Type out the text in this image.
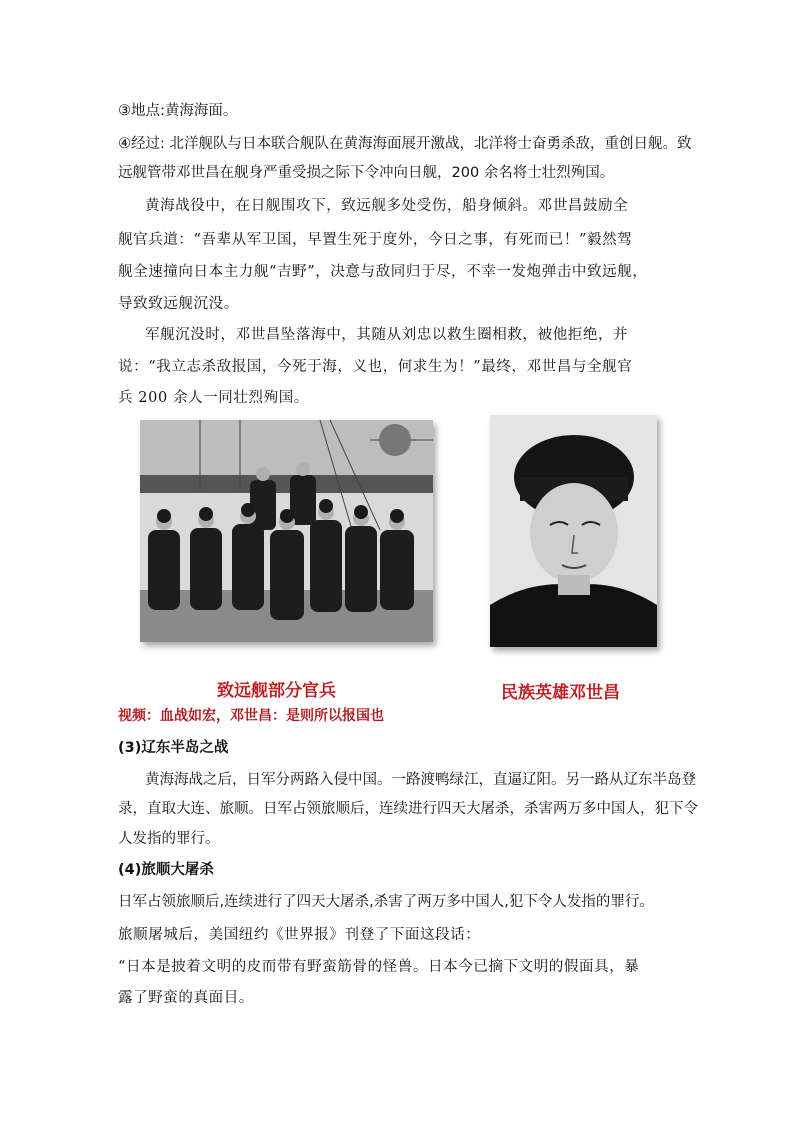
③地点:黄海海面。
④经过: 北洋舰队与日本联合舰队在黄海海面展开激战，北洋将士奋勇杀敌，重创日舰。致
远舰管带邓世昌在舰身严重受损之际下令冲向日舰，200 余名将士壮烈殉国。
黄海战役中，在日舰围攻下，致远舰多处受伤，船身倾斜。邓世昌鼓励全
舰官兵道：“吾辈从军卫国，早置生死于度外，今日之事，有死而已！”毅然驾
舰全速撞向日本主力舰“吉野”，决意与敌同归于尽，不幸一发炮弹击中致远舰，
导致致远舰沉没。
军舰沉没时，邓世昌坠落海中，其随从刘忠以救生圈相救，被他拒绝，并
说：“我立志杀敌报国，今死于海，义也，何求生为！”最终，邓世昌与全舰官
兵 200 余人一同壮烈殉国。
致远舰部分官兵	民族英雄邓世昌
视频：血战如宏，邓世昌：是则所以报国也
(3)辽东半岛之战
黄海海战之后，日军分两路入侵中国。一路渡鸭绿江，直逼辽阳。另一路从辽东半岛登
录，直取大连、旅顺。日军占领旅顺后，连续进行四天大屠杀，杀害两万多中国人，犯下令
人发指的罪行。
(4)旅顺大屠杀
日军占领旅顺后,连续进行了四天大屠杀,杀害了两万多中国人,犯下令人发指的罪行。
旅顺屠城后，美国纽约《世界报》刊登了下面这段话：
“日本是披着文明的皮而带有野蛮筋骨的怪兽。日本今已摘下文明的假面具，暴
露了野蛮的真面目。
